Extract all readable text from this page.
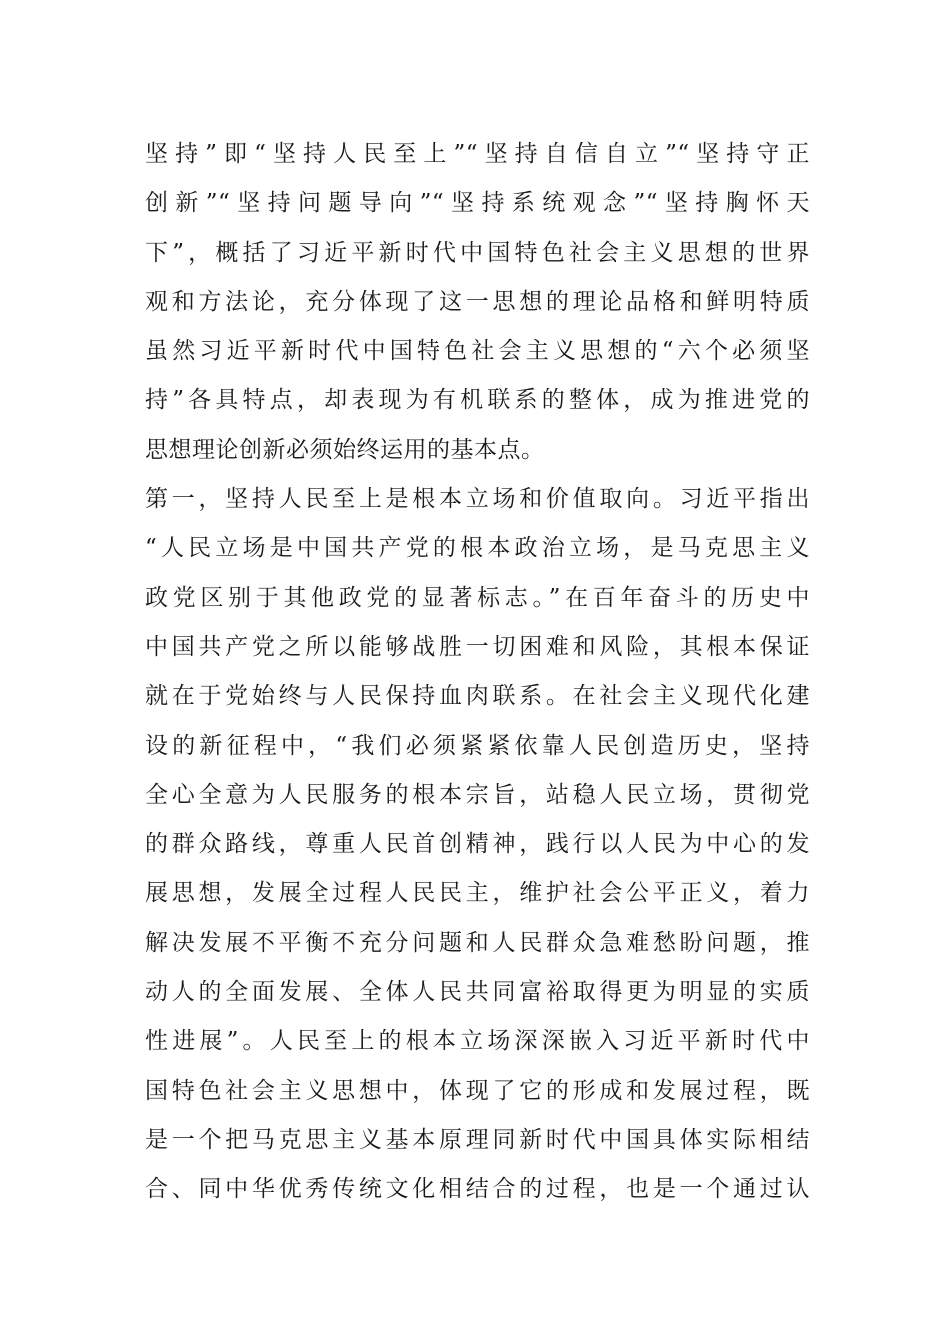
坚持”即“坚持人民至上”“坚持自信自立”“坚持守正
创新”“坚持问题导向”“坚持系统观念”“坚持胸怀天
下”，概括了习近平新时代中国特色社会主义思想的世界
观和方法论，充分体现了这一思想的理论品格和鲜明特质
虽然习近平新时代中国特色社会主义思想的“六个必须坚
持”各具特点，却表现为有机联系的整体，成为推进党的
思想理论创新必须始终运用的基本点。
第一，坚持人民至上是根本立场和价值取向。习近平指出
“人民立场是中国共产党的根本政治立场，是马克思主义
政党区别于其他政党的显著标志。”在百年奋斗的历史中
中国共产党之所以能够战胜一切困难和风险，其根本保证
就在于党始终与人民保持血肉联系。在社会主义现代化建
设的新征程中，“我们必须紧紧依靠人民创造历史，坚持
全心全意为人民服务的根本宗旨，站稳人民立场，贯彻党
的群众路线，尊重人民首创精神，践行以人民为中心的发
展思想，发展全过程人民民主，维护社会公平正义，着力
解决发展不平衡不充分问题和人民群众急难愁盼问题，推
动人的全面发展、全体人民共同富裕取得更为明显的实质
性进展”。人民至上的根本立场深深嵌入习近平新时代中
国特色社会主义思想中，体现了它的形成和发展过程，既
是一个把马克思主义基本原理同新时代中国具体实际相结
合、同中华优秀传统文化相结合的过程，也是一个通过认
